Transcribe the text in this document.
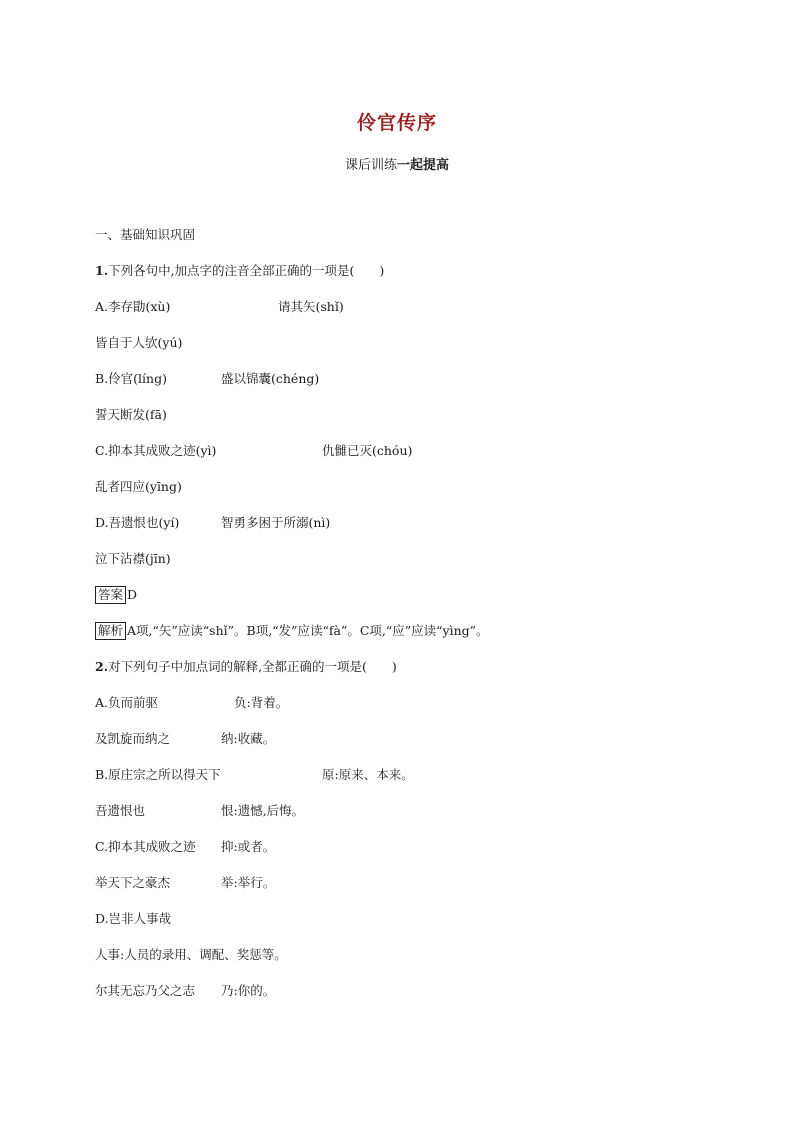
伶官传序
课后训练一起提高
一、基础知识巩固
1.下列各句中,加点字的注音全部正确的一项是(　　)
A.李存勖(xù)	请其矢(shǐ)
皆自于人欤(yú)
B.伶官(líng)	盛以锦囊(chéng)
誓天断发(fā)
C.抑本其成败之迹(yì)	仇雠已灭(chóu)
乱者四应(yīng)
D.吾遗恨也(yí)	智勇多困于所溺(nì)
泣下沾襟(jīn)
答案 D
解析 A项,“矢”应读“shǐ”。B项,“发”应读“fà”。C项,“应”应读“yìng”。
2.对下列句子中加点词的解释,全都正确的一项是(　　)
A.负而前驱	负:背着。
及凯旋而纳之	纳:收藏。
B.原庄宗之所以得天下	原:原来、本来。
吾遗恨也	恨:遗憾,后悔。
C.抑本其成败之迹 抑:或者。
举天下之豪杰	举:举行。
D.岂非人事哉
人事:人员的录用、调配、奖惩等。
尔其无忘乃父之志 乃:你的。
